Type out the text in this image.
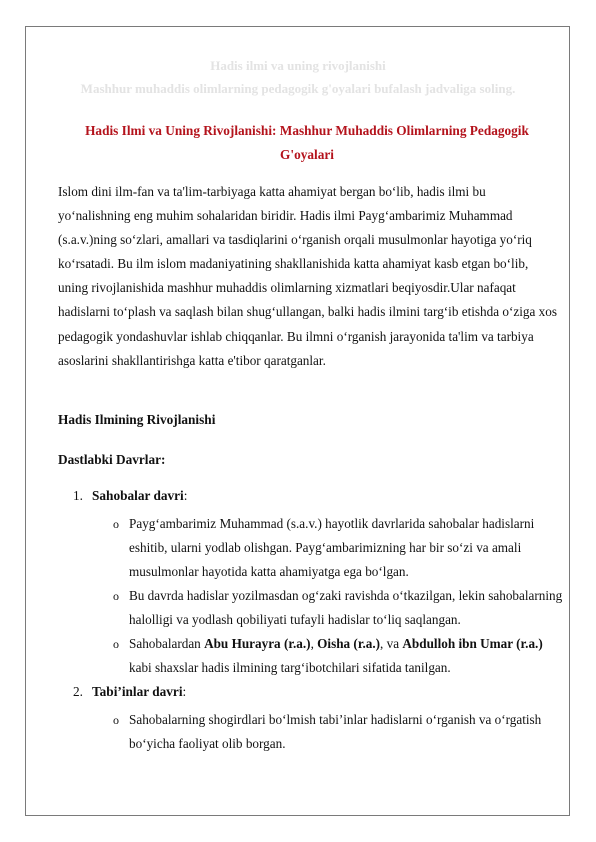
Hadis ilmi va uning rivojlanishi
Mashhur muhaddis olimlarning pedagogik g'oyalari bufalash jadvaliga soling.
Hadis Ilmi va Uning Rivojlanishi: Mashhur Muhaddis Olimlarning Pedagogik G'oyalari

Islom dini ilm-fan va ta'lim-tarbiyaga katta ahamiyat bergan bo‘lib, hadis ilmi bu yo‘nalishning eng muhim sohalaridan biridir. Hadis ilmi Payg‘ambarimiz Muhammad (s.a.v.)ning so‘zlari, amallari va tasdiqlarini o‘rganish orqali musulmonlar hayotiga yo‘riq ko‘rsatadi. Bu ilm islom madaniyatining shakllanishida katta ahamiyat kasb etgan bo‘lib, uning rivojlanishida mashhur muhaddis olimlarning xizmatlari beqiyosdir.Ular nafaqat hadislarni to‘plash va saqlash bilan shug‘ullangan, balki hadis ilmini targ‘ib etishda o‘ziga xos pedagogik yondashuvlar ishlab chiqqanlar. Bu ilmni o‘rganish jarayonida ta'lim va tarbiya asoslarini shakllantirishga katta e'tibor qaratganlar.

Hadis Ilmining Rivojlanishi

Dastlabki Davrlar:

1. Sahobalar davri:
o Payg‘ambarimiz Muhammad (s.a.v.) hayotlik davrlarida sahobalar hadislarni eshitib, ularni yodlab olishgan. Payg‘ambarimizning har bir so‘zi va amali musulmonlar hayotida katta ahamiyatga ega bo‘lgan.
o Bu davrda hadislar yozilmasdan og‘zaki ravishda o‘tkazilgan, lekin sahobalarning halolligi va yodlash qobiliyati tufayli hadislar to‘liq saqlangan.
o Sahobalardan Abu Hurayra (r.a.), Oisha (r.a.), va Abdulloh ibn Umar (r.a.) kabi shaxslar hadis ilmining targ‘ibotchilari sifatida tanilgan.
2. Tabi’inlar davri:
o Sahobalarning shogirdlari bo‘lmish tabi’inlar hadislarni o‘rganish va o‘rgatish bo‘yicha faoliyat olib borgan.
